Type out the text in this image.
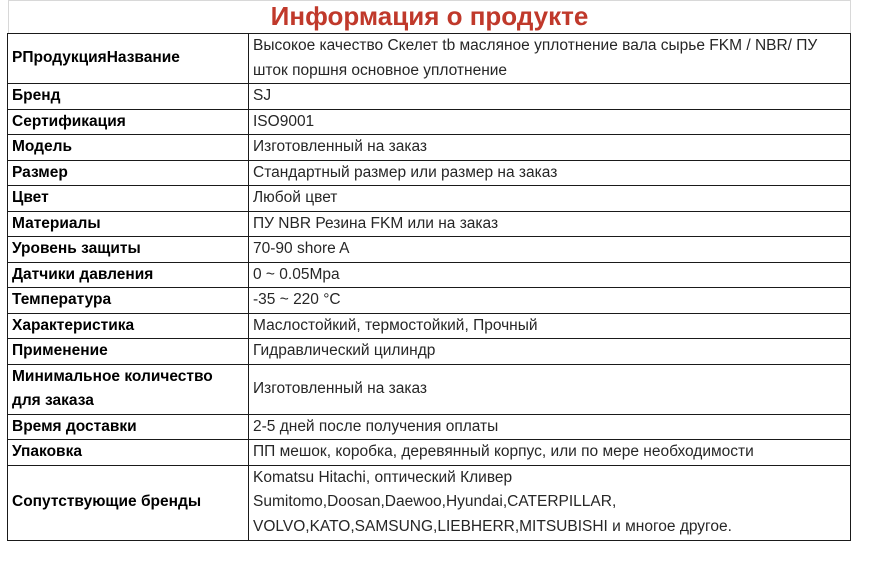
Информация о продукте
РПродукцияНазвание	Высокое качество Скелет tb масляное уплотнение вала сырье FKM / NBR/ ПУ шток поршня основное уплотнение
Бренд	SJ
Сертификация	ISO9001
Модель	Изготовленный на заказ
Размер	Стандартный размер или размер на заказ
Цвет	Любой цвет
Материалы	ПУ NBR Резина FKM или на заказ
Уровень защиты	70-90 shore A
Датчики давления	0 ~ 0.05Mpa
Температура	-35 ~ 220 °C
Характеристика	Маслостойкий, термостойкий, Прочный
Применение	Гидравлический цилиндр
Минимальное количество для заказа	Изготовленный на заказ
Время доставки	2-5 дней после получения оплаты
Упаковка	ПП мешок, коробка, деревянный корпус, или по мере необходимости
Сопутствующие бренды	Komatsu Hitachi, оптический Кливер
Sumitomo,Doosan,Daewoo,Hyundai,CATERPILLAR,
VOLVO,KATO,SAMSUNG,LIEBHERR,MITSUBISHI и многое другое.
